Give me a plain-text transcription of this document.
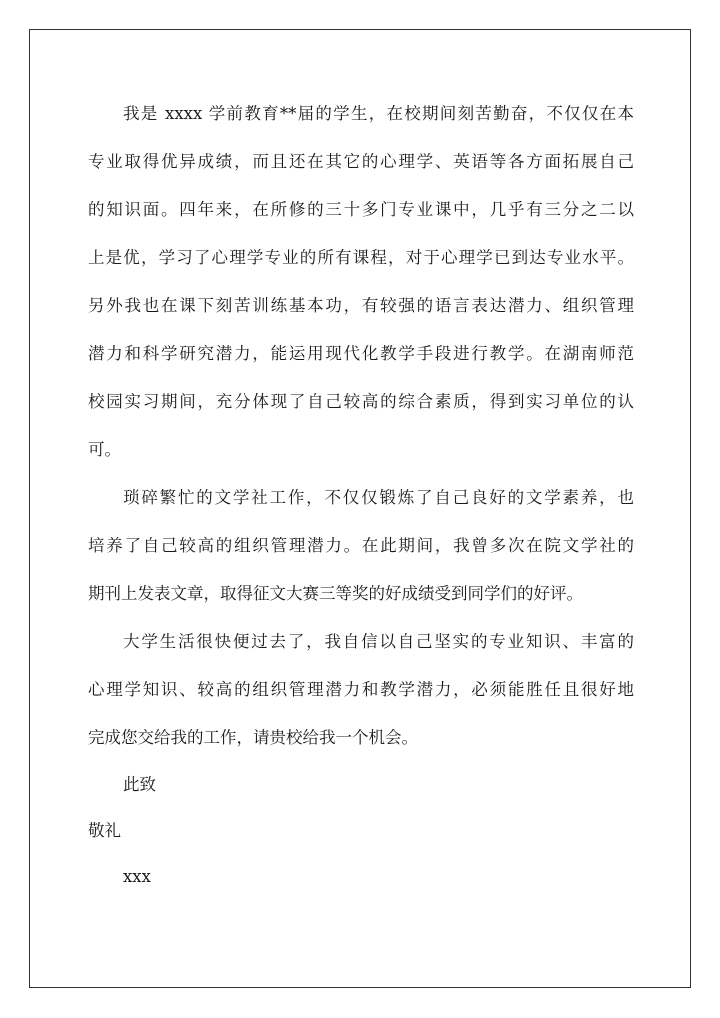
我是 xxxx 学前教育**届的学生，在校期间刻苦勤奋，不仅仅在本
专业取得优异成绩，而且还在其它的心理学、英语等各方面拓展自己
的知识面。四年来，在所修的三十多门专业课中，几乎有三分之二以
上是优，学习了心理学专业的所有课程，对于心理学已到达专业水平。
另外我也在课下刻苦训练基本功，有较强的语言表达潜力、组织管理
潜力和科学研究潜力，能运用现代化教学手段进行教学。在湖南师范
校园实习期间，充分体现了自己较高的综合素质，得到实习单位的认
可。
琐碎繁忙的文学社工作，不仅仅锻炼了自己良好的文学素养，也
培养了自己较高的组织管理潜力。在此期间，我曾多次在院文学社的
期刊上发表文章，取得征文大赛三等奖的好成绩受到同学们的好评。
大学生活很快便过去了，我自信以自己坚实的专业知识、丰富的
心理学知识、较高的组织管理潜力和教学潜力，必须能胜任且很好地
完成您交给我的工作，请贵校给我一个机会。
此致
敬礼
xxx
